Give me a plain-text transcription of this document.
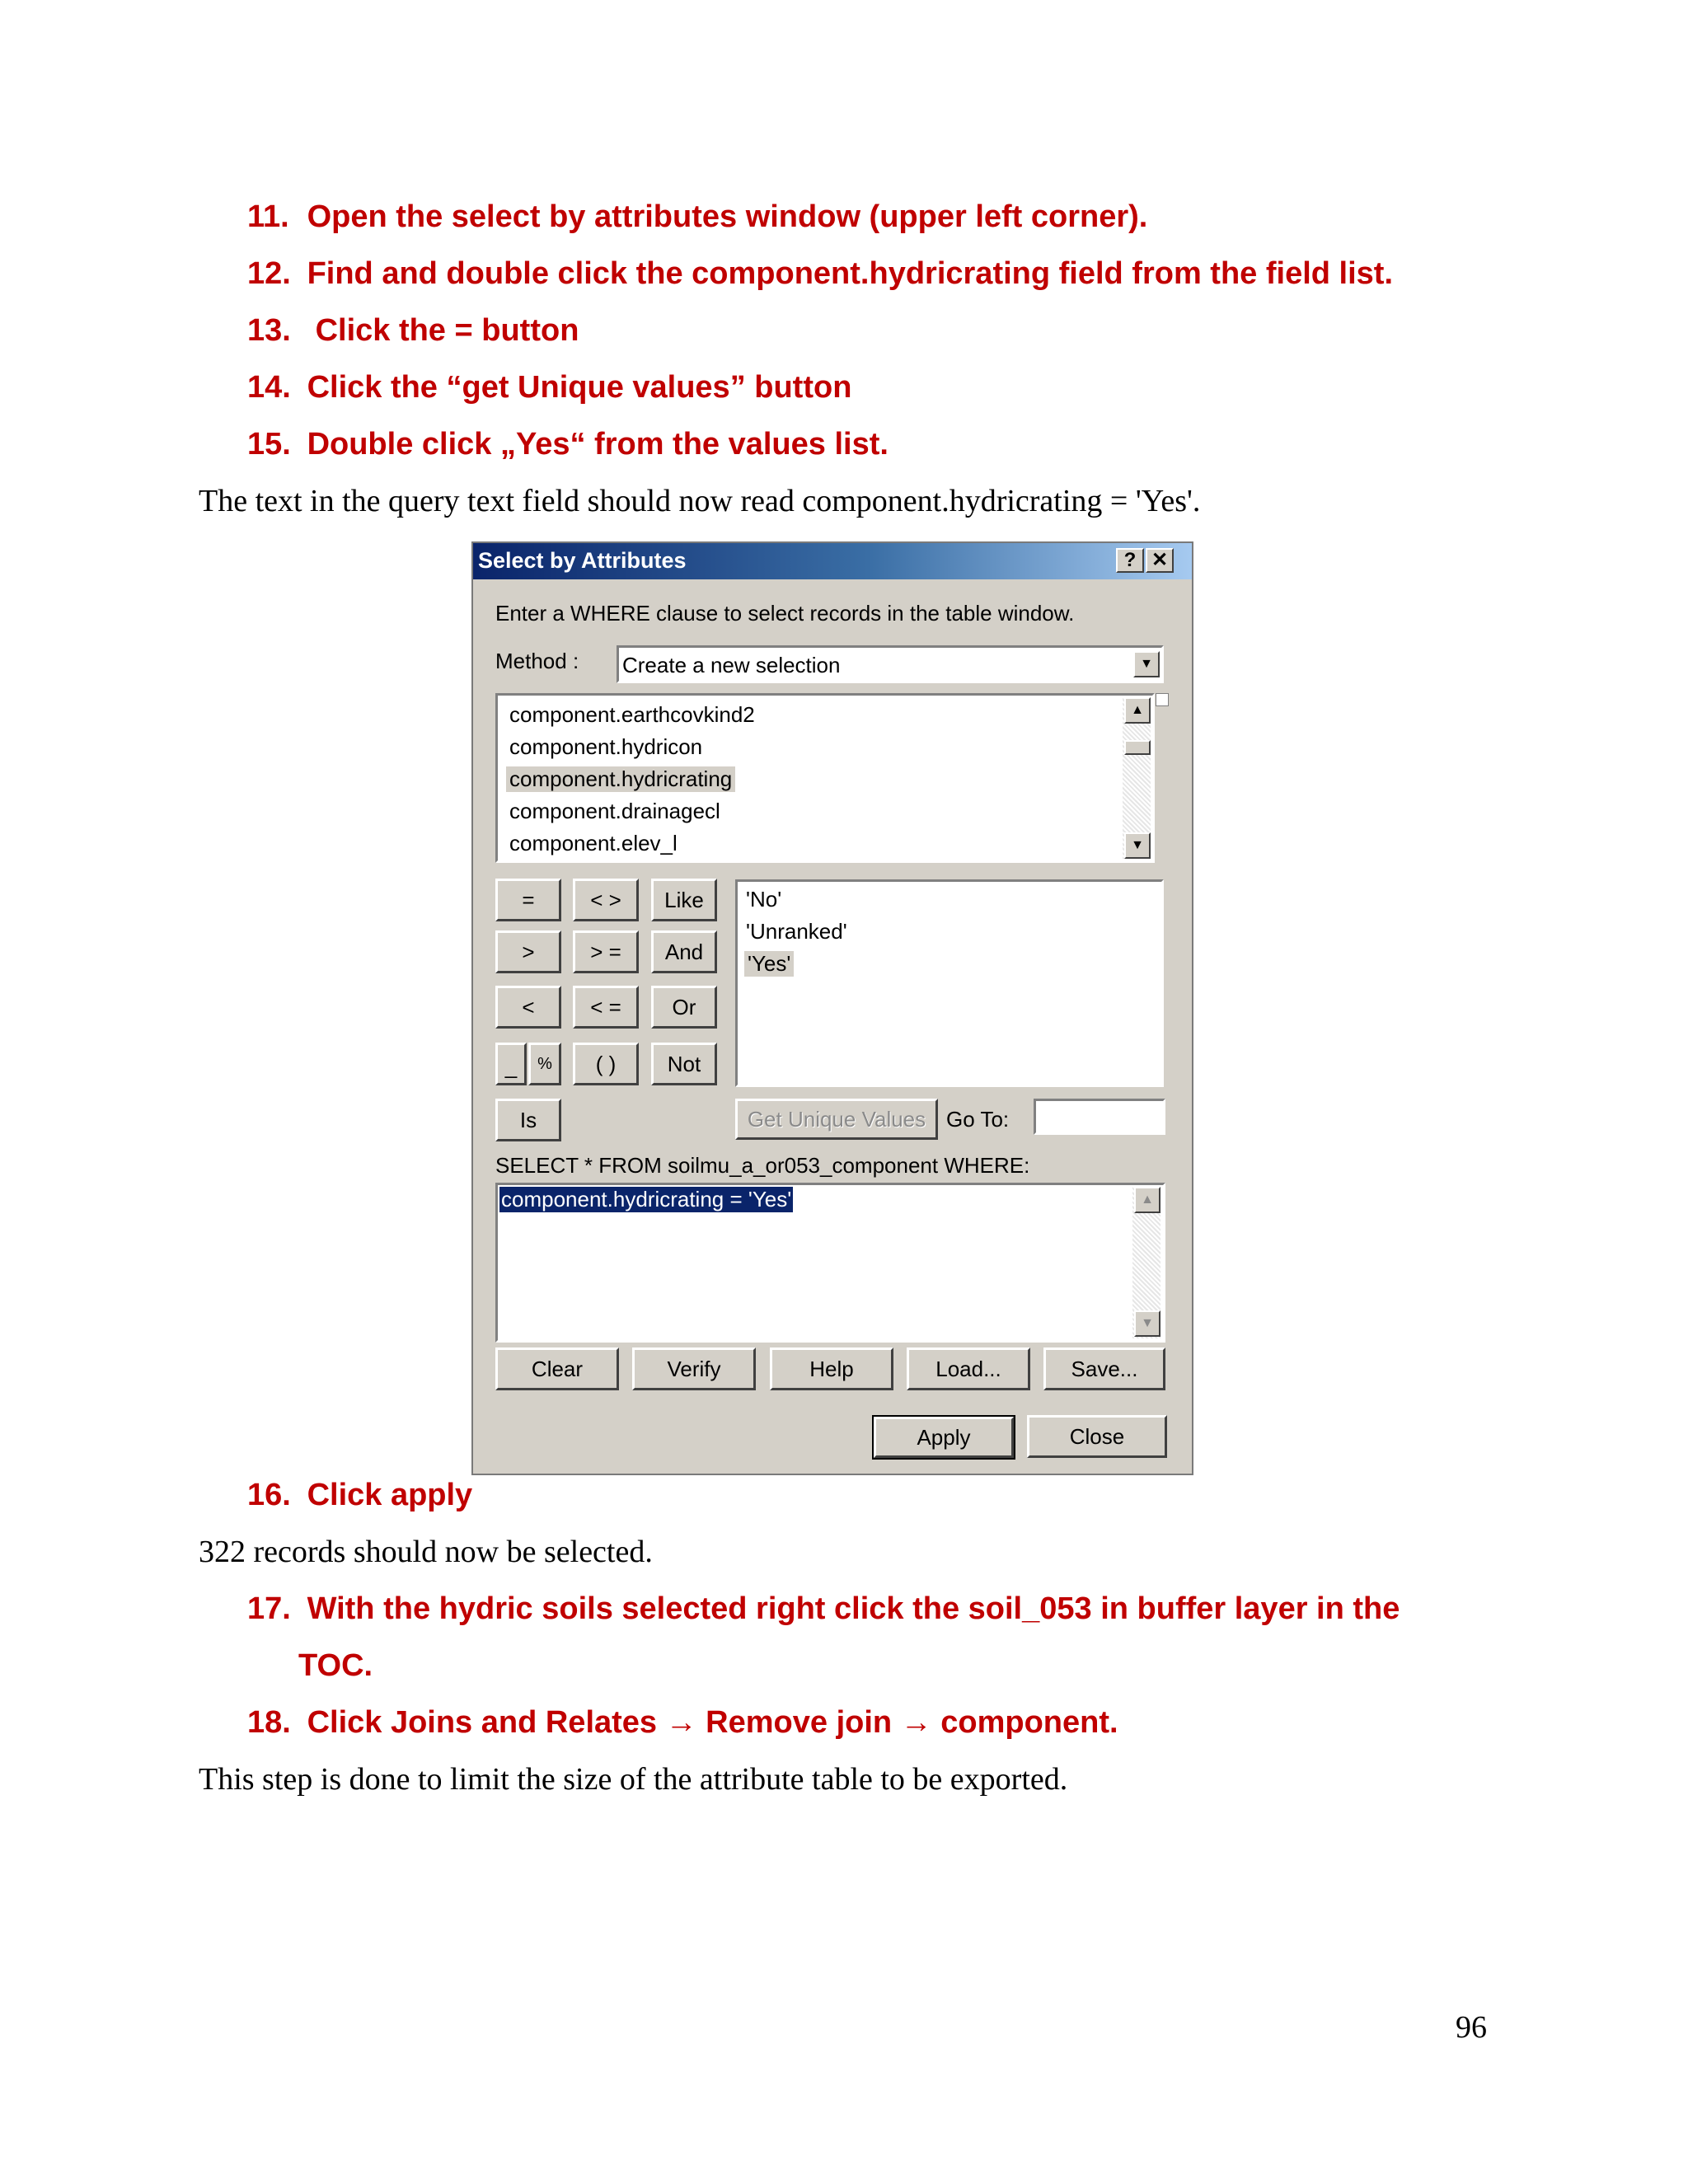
11. Open the select by attributes window (upper left corner).
12. Find and double click the component.hydricrating field from the field list.
13. Click the = button
14. Click the “get Unique values” button
15. Double click „Yes“ from the values list.
The text in the query text field should now read component.hydricrating = 'Yes'.
Select by Attributes	? ✕
Enter a WHERE clause to select records in the table window.
Method : Create a new selection	▼
component.earthcovkind2
component.hydricon
component.hydricrating
component.drainagecl
component.elev_l
▲
▼
=	< >	Like
>	> =	And
<	< =	Or
_	%	( )	Not
Is
'No'
'Unranked'
'Yes'
Get Unique Values Go To:
SELECT * FROM soilmu_a_or053_component WHERE:
component.hydricrating = 'Yes'	▲
▼
Clear	Verify	Help	Load...	Save...
Apply	Close
16. Click apply
322 records should now be selected.
17. With the hydric soils selected right click the soil_053 in buffer layer in the
TOC.
18. Click Joins and Relates → Remove join → component.
This step is done to limit the size of the attribute table to be exported.
96
